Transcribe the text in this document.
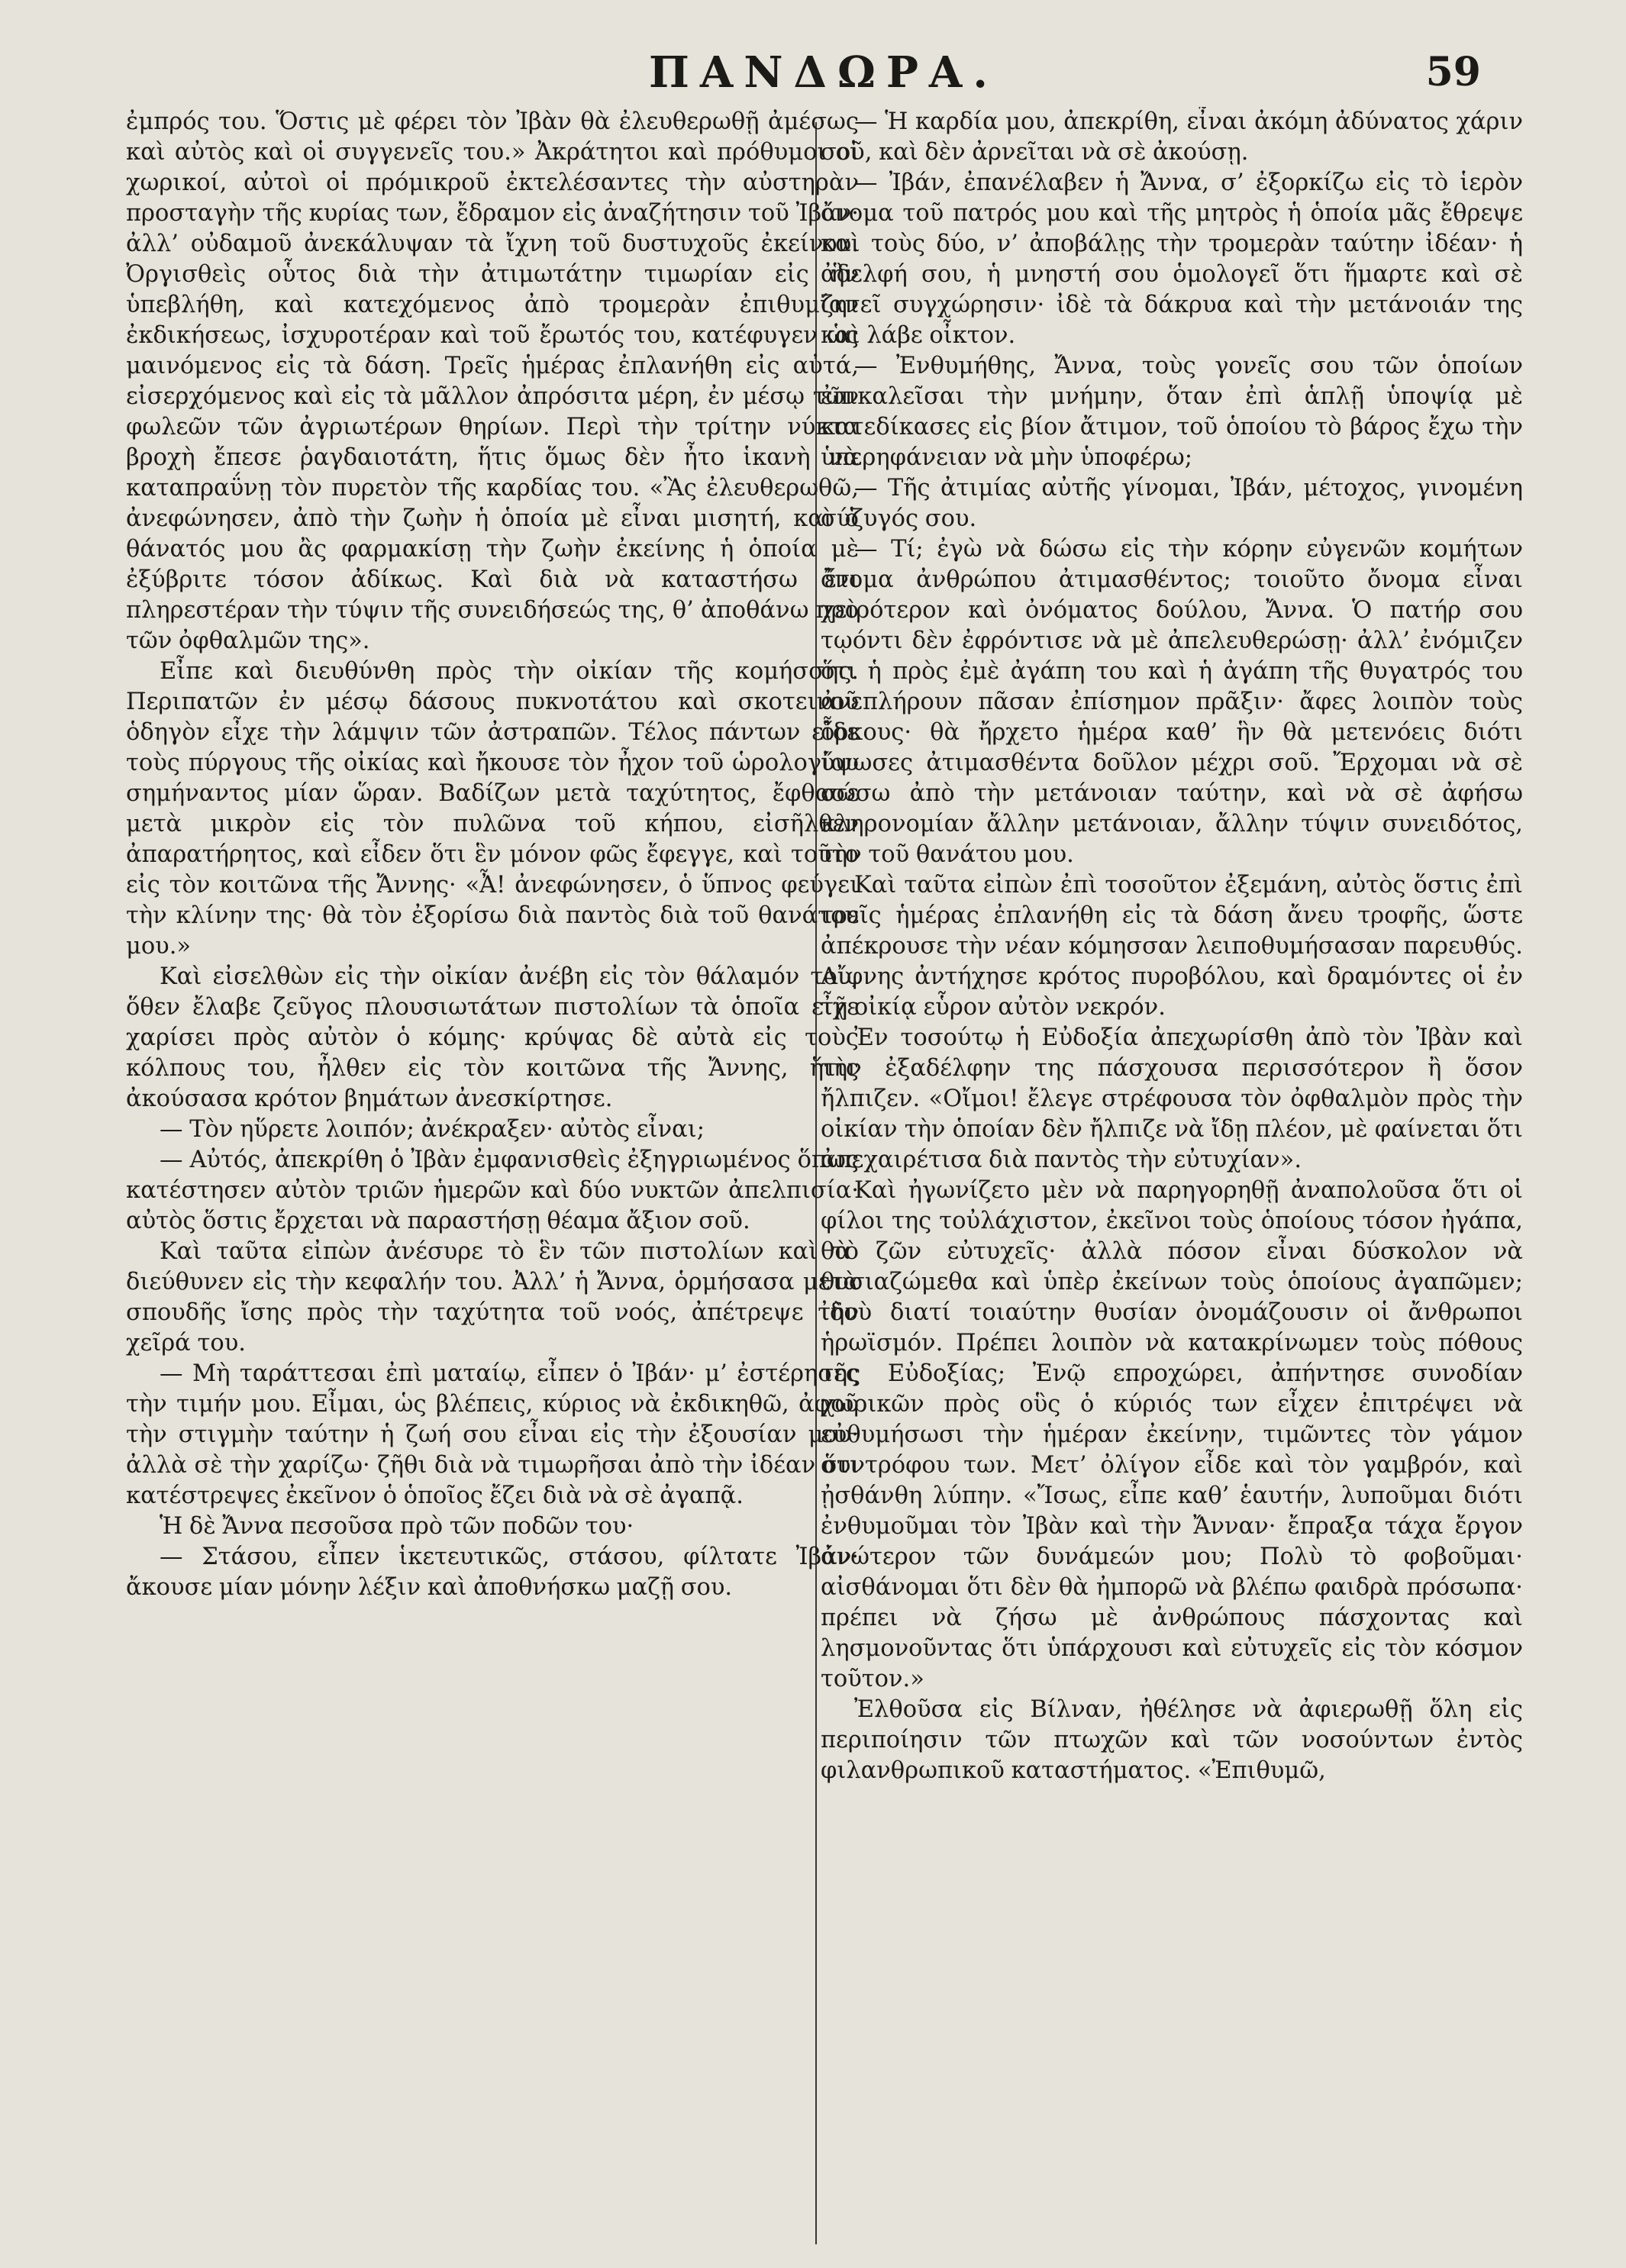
ΠΑΝΔΩΡΑ.	59

ἐμπρός του. Ὅστις μὲ φέρει τὸν Ἰβὰν θὰ ἐλευθερωθῇ ἀμέσως καὶ αὐτὸς καὶ οἱ συγγενεῖς του.» Ἀκράτητοι καὶ πρόθυμοι οἱ χωρικοί, αὐτοὶ οἱ πρόμικροῦ ἐκτελέσαντες τὴν αὐστηρὰν προσταγὴν τῆς κυρίας των, ἔδραμον εἰς ἀναζήτησιν τοῦ Ἰβάν· ἀλλ’ οὐδαμοῦ ἀνεκάλυψαν τὰ ἴχνη τοῦ δυστυχοῦς ἐκείνου. Ὀργισθεὶς οὗτος διὰ τὴν ἀτιμωτάτην τιμωρίαν εἰς ἣν ὑπεβλήθη, καὶ κατεχόμενος ἀπὸ τρομερὰν ἐπιθυμίαν ἐκδικήσεως, ἰσχυροτέραν καὶ τοῦ ἔρωτός του, κατέφυγεν ὡς μαινόμενος εἰς τὰ δάση. Τρεῖς ἡμέρας ἐπλανήθη εἰς αὐτά, εἰσερχόμενος καὶ εἰς τὰ μᾶλλον ἀπρόσιτα μέρη, ἐν μέσῳ τῶν φωλεῶν τῶν ἀγριωτέρων θηρίων. Περὶ τὴν τρίτην νύκτα βροχὴ ἔπεσε ῥαγδαιοτάτη, ἥτις ὅμως δὲν ἦτο ἱκανὴ νὰ καταπραΰνῃ τὸν πυρετὸν τῆς καρδίας του. «Ἂς ἐλευθερωθῶ, ἀνεφώνησεν, ἀπὸ τὴν ζωὴν ἡ ὁποία μὲ εἶναι μισητή, καὶ ὁ θάνατός μου ἂς φαρμακίσῃ τὴν ζωὴν ἐκείνης ἡ ὁποία μὲ ἐξύβριτε τόσον ἀδίκως. Καὶ διὰ νὰ καταστήσω ἔτι πληρεστέραν τὴν τύψιν τῆς συνειδήσεώς της, θ’ ἀποθάνω πρὸ τῶν ὀφθαλμῶν της».

Εἶπε καὶ διευθύνθη πρὸς τὴν οἰκίαν τῆς κομήσσης. Περιπατῶν ἐν μέσῳ δάσους πυκνοτάτου καὶ σκοτεινοῦ ὁδηγὸν εἶχε τὴν λάμψιν τῶν ἀστραπῶν. Τέλος πάντων εἶδε τοὺς πύργους τῆς οἰκίας καὶ ἤκουσε τὸν ἦχον τοῦ ὡρολογίου σημήναντος μίαν ὥραν. Βαδίζων μετὰ ταχύτητος, ἔφθασε μετὰ μικρὸν εἰς τὸν πυλῶνα τοῦ κήπου, εἰσῆλθεν ἀπαρατήρητος, καὶ εἶδεν ὅτι ἓν μόνον φῶς ἔφεγγε, καὶ τοῦτο εἰς τὸν κοιτῶνα τῆς Ἄννης· «Ἆ! ἀνεφώνησεν, ὁ ὕπνος φεύγει τὴν κλίνην της· θὰ τὸν ἐξορίσω διὰ παντὸς διὰ τοῦ θανάτου μου.»

Καὶ εἰσελθὼν εἰς τὴν οἰκίαν ἀνέβη εἰς τὸν θάλαμόν του, ὅθεν ἔλαβε ζεῦγος πλουσιωτάτων πιστολίων τὰ ὁποῖα εἶχε χαρίσει πρὸς αὐτὸν ὁ κόμης· κρύψας δὲ αὐτὰ εἰς τοὺς κόλπους του, ἦλθεν εἰς τὸν κοιτῶνα τῆς Ἄννης, ἥτις ἀκούσασα κρότον βημάτων ἀνεσκίρτησε.

— Τὸν ηὕρετε λοιπόν; ἀνέκραξεν· αὐτὸς εἶναι;

— Αὐτός, ἀπεκρίθη ὁ Ἰβὰν ἐμφανισθεὶς ἐξηγριωμένος ὅπως κατέστησεν αὐτὸν τριῶν ἡμερῶν καὶ δύο νυκτῶν ἀπελπισία· αὐτὸς ὅστις ἔρχεται νὰ παραστήσῃ θέαμα ἄξιον σοῦ.

Καὶ ταῦτα εἰπὼν ἀνέσυρε τὸ ἓν τῶν πιστολίων καὶ τὸ διεύθυνεν εἰς τὴν κεφαλήν του. Ἀλλ’ ἡ Ἄννα, ὁρμήσασα μετὰ σπουδῆς ἴσης πρὸς τὴν ταχύτητα τοῦ νοός, ἀπέτρεψε τὴν χεῖρά του.

— Μὴ ταράττεσαι ἐπὶ ματαίῳ, εἶπεν ὁ Ἰβάν· μ’ ἐστέρησες τὴν τιμήν μου. Εἶμαι, ὡς βλέπεις, κύριος νὰ ἐκδικηθῶ, ἀφοῦ τὴν στιγμὴν ταύτην ἡ ζωή σου εἶναι εἰς τὴν ἐξουσίαν μου· ἀλλὰ σὲ τὴν χαρίζω· ζῆθι διὰ νὰ τιμωρῆσαι ἀπὸ τὴν ἰδέαν ὅτι κατέστρεψες ἐκεῖνον ὁ ὁποῖος ἔζει διὰ νὰ σὲ ἀγαπᾷ.

Ἡ δὲ Ἄννα πεσοῦσα πρὸ τῶν ποδῶν του·

— Στάσου, εἶπεν ἱκετευτικῶς, στάσου, φίλτατε Ἰβάν· ἄκουσε μίαν μόνην λέξιν καὶ ἀποθνήσκω μαζῇ σου.

— Ἡ καρδία μου, ἀπεκρίθη, εἶναι ἀκόμη ἀδύνατος χάριν σοῦ, καὶ δὲν ἀρνεῖται νὰ σὲ ἀκούσῃ.

— Ἰβάν, ἐπανέλαβεν ἡ Ἄννα, σ’ ἐξορκίζω εἰς τὸ ἱερὸν ὄνομα τοῦ πατρός μου καὶ τῆς μητρὸς ἡ ὁποία μᾶς ἔθρεψε καὶ τοὺς δύο, ν’ ἀποβάλῃς τὴν τρομερὰν ταύτην ἰδέαν· ἡ ἀδελφή σου, ἡ μνηστή σου ὁμολογεῖ ὅτι ἥμαρτε καὶ σὲ ζητεῖ συγχώρησιν· ἰδὲ τὰ δάκρυα καὶ τὴν μετάνοιάν της καὶ λάβε οἶκτον.

— Ἐνθυμήθης, Ἄννα, τοὺς γονεῖς σου τῶν ὁποίων ἐπικαλεῖσαι τὴν μνήμην, ὅταν ἐπὶ ἁπλῇ ὑποψίᾳ μὲ κατεδίκασες εἰς βίον ἄτιμον, τοῦ ὁποίου τὸ βάρος ἔχω τὴν ὑπερηφάνειαν νὰ μὴν ὑποφέρω;

— Τῆς ἀτιμίας αὐτῆς γίνομαι, Ἰβάν, μέτοχος, γινομένη σύζυγός σου.

— Τί; ἐγὼ νὰ δώσω εἰς τὴν κόρην εὐγενῶν κομήτων ὄνομα ἀνθρώπου ἀτιμασθέντος; τοιοῦτο ὄνομα εἶναι χειρότερον καὶ ὀνόματος δούλου, Ἄννα. Ὁ πατήρ σου τῳόντι δὲν ἐφρόντισε νὰ μὲ ἀπελευθερώσῃ· ἀλλ’ ἐνόμιζεν ὅτι ἡ πρὸς ἐμὲ ἀγάπη του καὶ ἡ ἀγάπη τῆς θυγατρός του ἀνεπλήρουν πᾶσαν ἐπίσημον πρᾶξιν· ἄφες λοιπὸν τοὺς ὅρκους· θὰ ἤρχετο ἡμέρα καθ’ ἣν θὰ μετενόεις διότι ὕψωσες ἀτιμασθέντα δοῦλον μέχρι σοῦ. Ἔρχομαι νὰ σὲ σώσω ἀπὸ τὴν μετάνοιαν ταύτην, καὶ νὰ σὲ ἀφήσω κληρονομίαν ἄλλην μετάνοιαν, ἄλλην τύψιν συνειδότος, τὴν τοῦ θανάτου μου.

Καὶ ταῦτα εἰπὼν ἐπὶ τοσοῦτον ἐξεμάνη, αὐτὸς ὅστις ἐπὶ τρεῖς ἡμέρας ἐπλανήθη εἰς τὰ δάση ἄνευ τροφῆς, ὥστε ἀπέκρουσε τὴν νέαν κόμησσαν λειποθυμήσασαν παρευθύς. Αἴφνης ἀντήχησε κρότος πυροβόλου, καὶ δραμόντες οἱ ἐν τῇ οἰκίᾳ εὗρον αὐτὸν νεκρόν.

Ἐν τοσούτῳ ἡ Εὐδοξία ἀπεχωρίσθη ἀπὸ τὸν Ἰβὰν καὶ τὴν ἐξαδέλφην της πάσχουσα περισσότερον ἢ ὅσον ἤλπιζεν. «Οἴμοι! ἔλεγε στρέφουσα τὸν ὀφθαλμὸν πρὸς τὴν οἰκίαν τὴν ὁποίαν δὲν ἤλπιζε νὰ ἴδῃ πλέον, μὲ φαίνεται ὅτι ἀπεχαιρέτισα διὰ παντὸς τὴν εὐτυχίαν».

Καὶ ἠγωνίζετο μὲν νὰ παρηγορηθῇ ἀναπολοῦσα ὅτι οἱ φίλοι της τοὐλάχιστον, ἐκεῖνοι τοὺς ὁποίους τόσον ἠγάπα, θὰ ζῶν εὐτυχεῖς· ἀλλὰ πόσον εἶναι δύσκολον νὰ θυσιαζώμεθα καὶ ὑπὲρ ἐκείνων τοὺς ὁποίους ἀγαπῶμεν; ἰδοὺ διατί τοιαύτην θυσίαν ὀνομάζουσιν οἱ ἄνθρωποι ἡρωϊσμόν. Πρέπει λοιπὸν νὰ κατακρίνωμεν τοὺς πόθους τῆς Εὐδοξίας; Ἐνῷ επροχώρει, ἀπήντησε συνοδίαν χωρικῶν πρὸς οὓς ὁ κύριός των εἶχεν ἐπιτρέψει νὰ εὐθυμήσωσι τὴν ἡμέραν ἐκείνην, τιμῶντες τὸν γάμον συντρόφου των. Μετ’ ὀλίγον εἶδε καὶ τὸν γαμβρόν, καὶ ᾐσθάνθη λύπην. «Ἴσως, εἶπε καθ’ ἑαυτήν, λυποῦμαι διότι ἐνθυμοῦμαι τὸν Ἰβὰν καὶ τὴν Ἄνναν· ἔπραξα τάχα ἔργον ἀνώτερον τῶν δυνάμεών μου; Πολὺ τὸ φοβοῦμαι· αἰσθάνομαι ὅτι δὲν θὰ ἠμπορῶ νὰ βλέπω φαιδρὰ πρόσωπα· πρέπει νὰ ζήσω μὲ ἀνθρώπους πάσχοντας καὶ λησμονοῦντας ὅτι ὑπάρχουσι καὶ εὐτυχεῖς εἰς τὸν κόσμον τοῦτον.»

Ἐλθοῦσα εἰς Βίλναν, ἠθέλησε νὰ ἀφιερωθῇ ὅλη εἰς περιποίησιν τῶν πτωχῶν καὶ τῶν νοσούντων ἐντὸς φιλανθρωπικοῦ καταστήματος. «Ἐπιθυμῶ,
